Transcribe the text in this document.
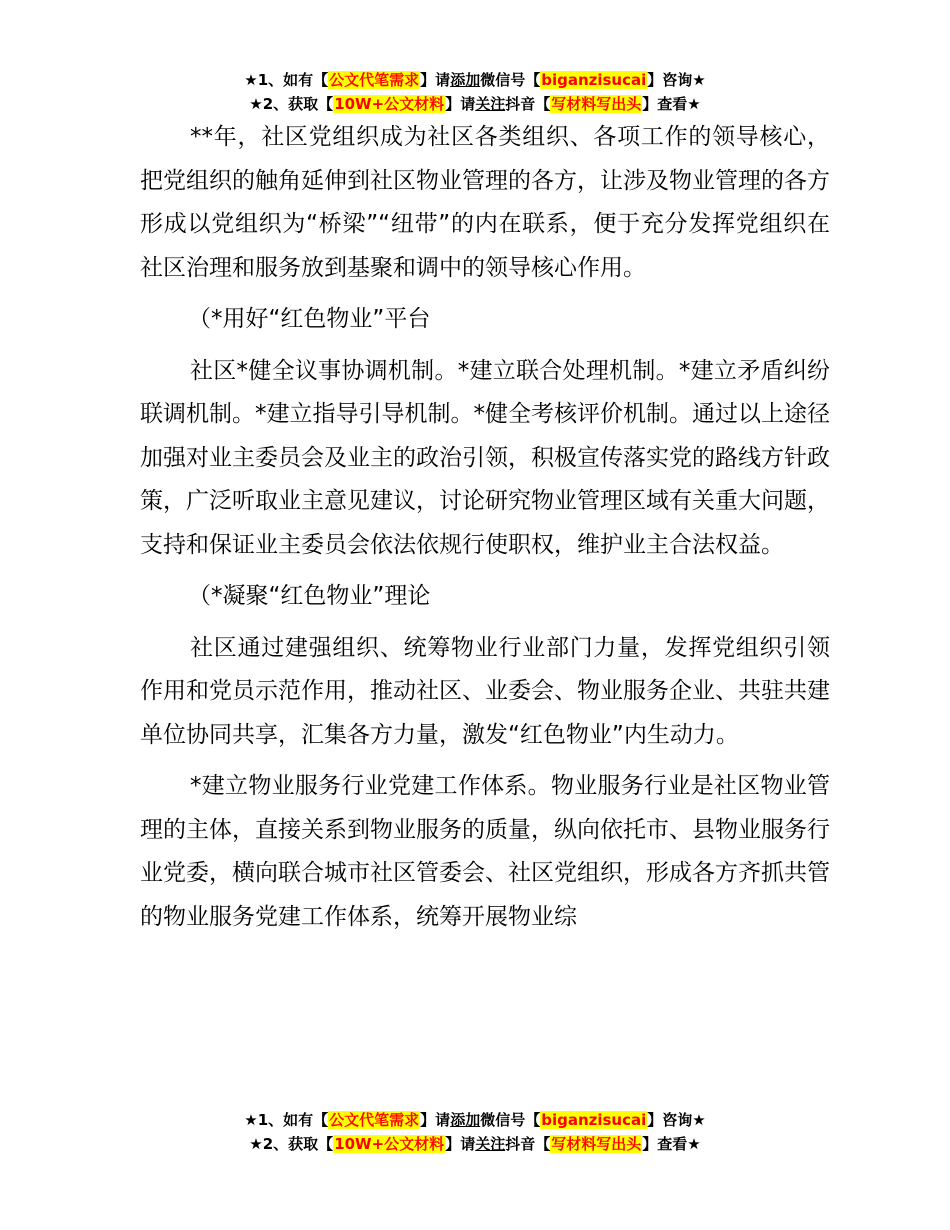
★1、如有【公文代笔需求】请添加微信号【biganzisucai】咨询★
★2、获取【10W+公文材料】请关注抖音【写材料写出头】查看★

**年，社区党组织成为社区各类组织、各项工作的领导核心，把党组织的触角延伸到社区物业管理的各方，让涉及物业管理的各方形成以党组织为“桥梁”“纽带”的内在联系，便于充分发挥党组织在社区治理和服务放到基聚和调中的领导核心作用。

（*用好“红色物业”平台

社区*健全议事协调机制。*建立联合处理机制。*建立矛盾纠纷联调机制。*建立指导引导机制。*健全考核评价机制。通过以上途径加强对业主委员会及业主的政治引领，积极宣传落实党的路线方针政策，广泛听取业主意见建议，讨论研究物业管理区域有关重大问题，支持和保证业主委员会依法依规行使职权，维护业主合法权益。

（*凝聚“红色物业”理论

社区通过建强组织、统筹物业行业部门力量，发挥党组织引领作用和党员示范作用，推动社区、业委会、物业服务企业、共驻共建单位协同共享，汇集各方力量，激发“红色物业”内生动力。

*建立物业服务行业党建工作体系。物业服务行业是社区物业管理的主体，直接关系到物业服务的质量，纵向依托市、县物业服务行业党委，横向联合城市社区管委会、社区党组织，形成各方齐抓共管的物业服务党建工作体系，统筹开展物业综

★1、如有【公文代笔需求】请添加微信号【biganzisucai】咨询★
★2、获取【10W+公文材料】请关注抖音【写材料写出头】查看★
